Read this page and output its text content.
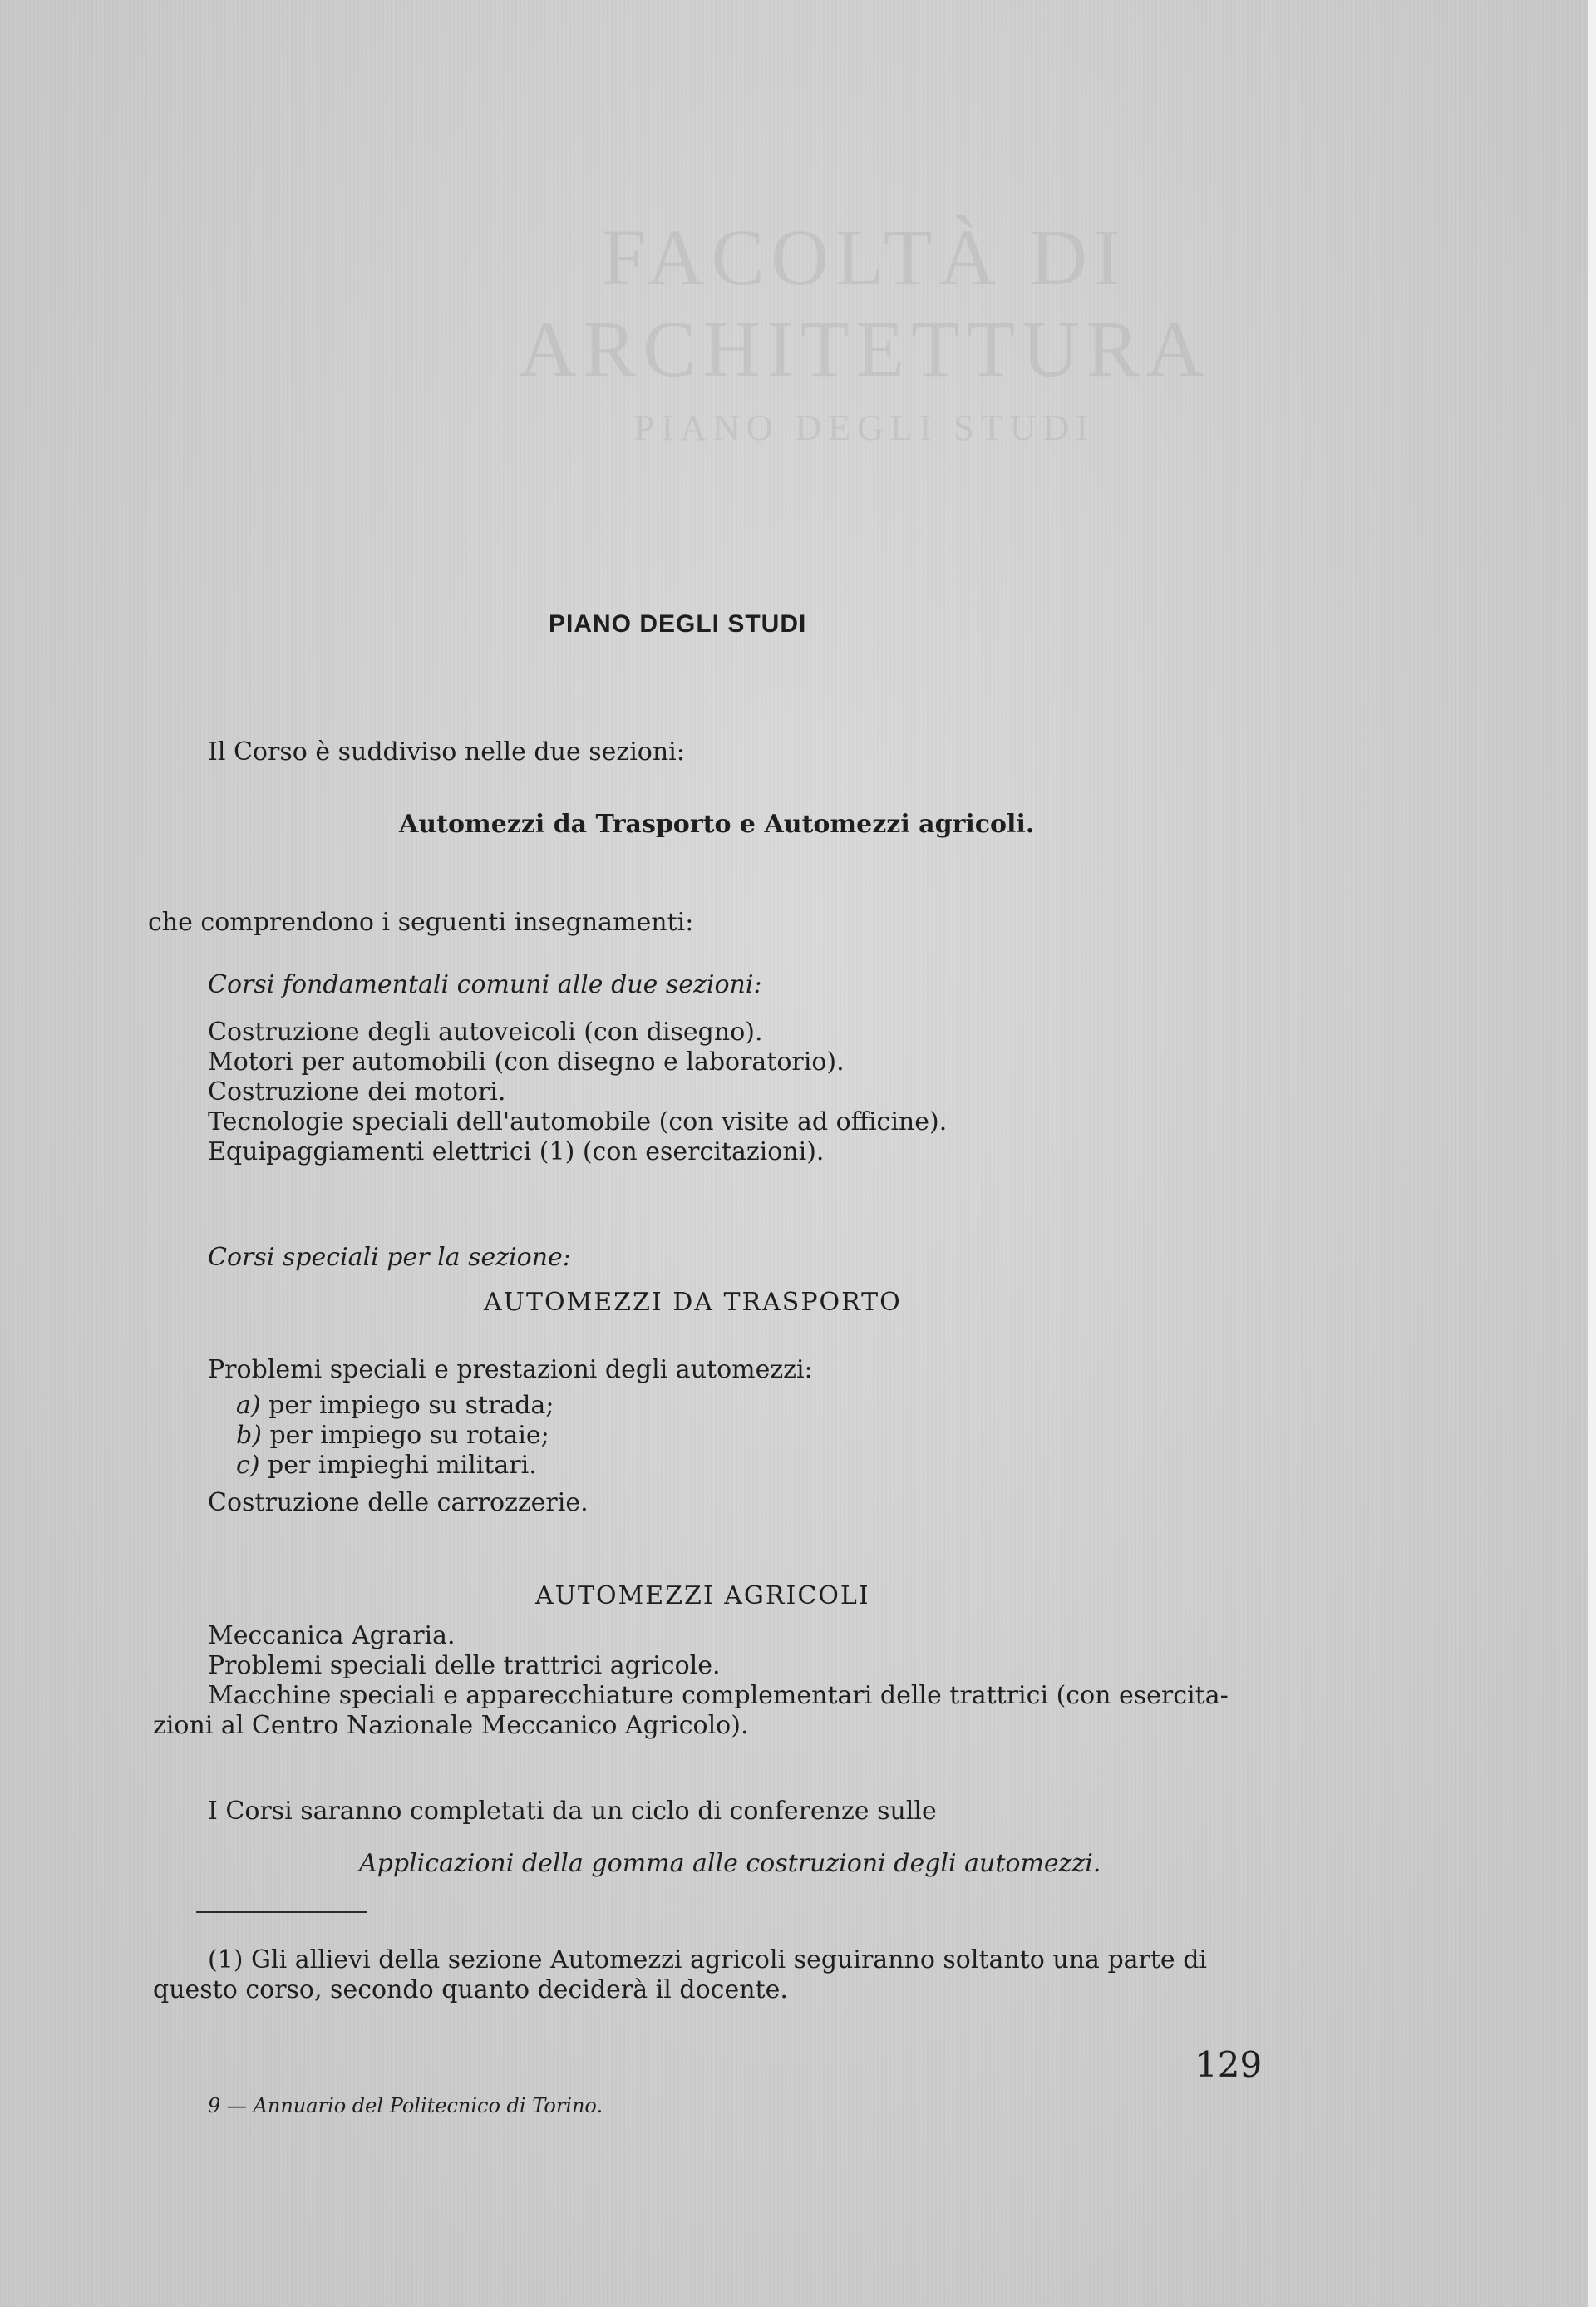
FACOLTÀ DI ARCHITETTURA
PIANO DEGLI STUDI

PIANO DEGLI STUDI

Il Corso è suddiviso nelle due sezioni:

Automezzi da Trasporto e Automezzi agricoli.

che comprendono i seguenti insegnamenti:

Corsi fondamentali comuni alle due sezioni:

Costruzione degli autoveicoli (con disegno).
Motori per automobili (con disegno e laboratorio).
Costruzione dei motori.
Tecnologie speciali dell'automobile (con visite ad officine).
Equipaggiamenti elettrici (1) (con esercitazioni).

Corsi speciali per la sezione:

AUTOMEZZI DA TRASPORTO

Problemi speciali e prestazioni degli automezzi:

a) per impiego su strada;
b) per impiego su rotaie;
c) per impieghi militari.

Costruzione delle carrozzerie.

AUTOMEZZI AGRICOLI

Meccanica Agraria.
Problemi speciali delle trattrici agricole.

Macchine speciali e apparecchiature complementari delle trattrici (con esercita-

zioni al Centro Nazionale Meccanico Agricolo).

I Corsi saranno completati da un ciclo di conferenze sulle

Applicazioni della gomma alle costruzioni degli automezzi.

(1) Gli allievi della sezione Automezzi agricoli seguiranno soltanto una parte di

questo corso, secondo quanto deciderà il docente.

129

9 — Annuario del Politecnico di Torino.
